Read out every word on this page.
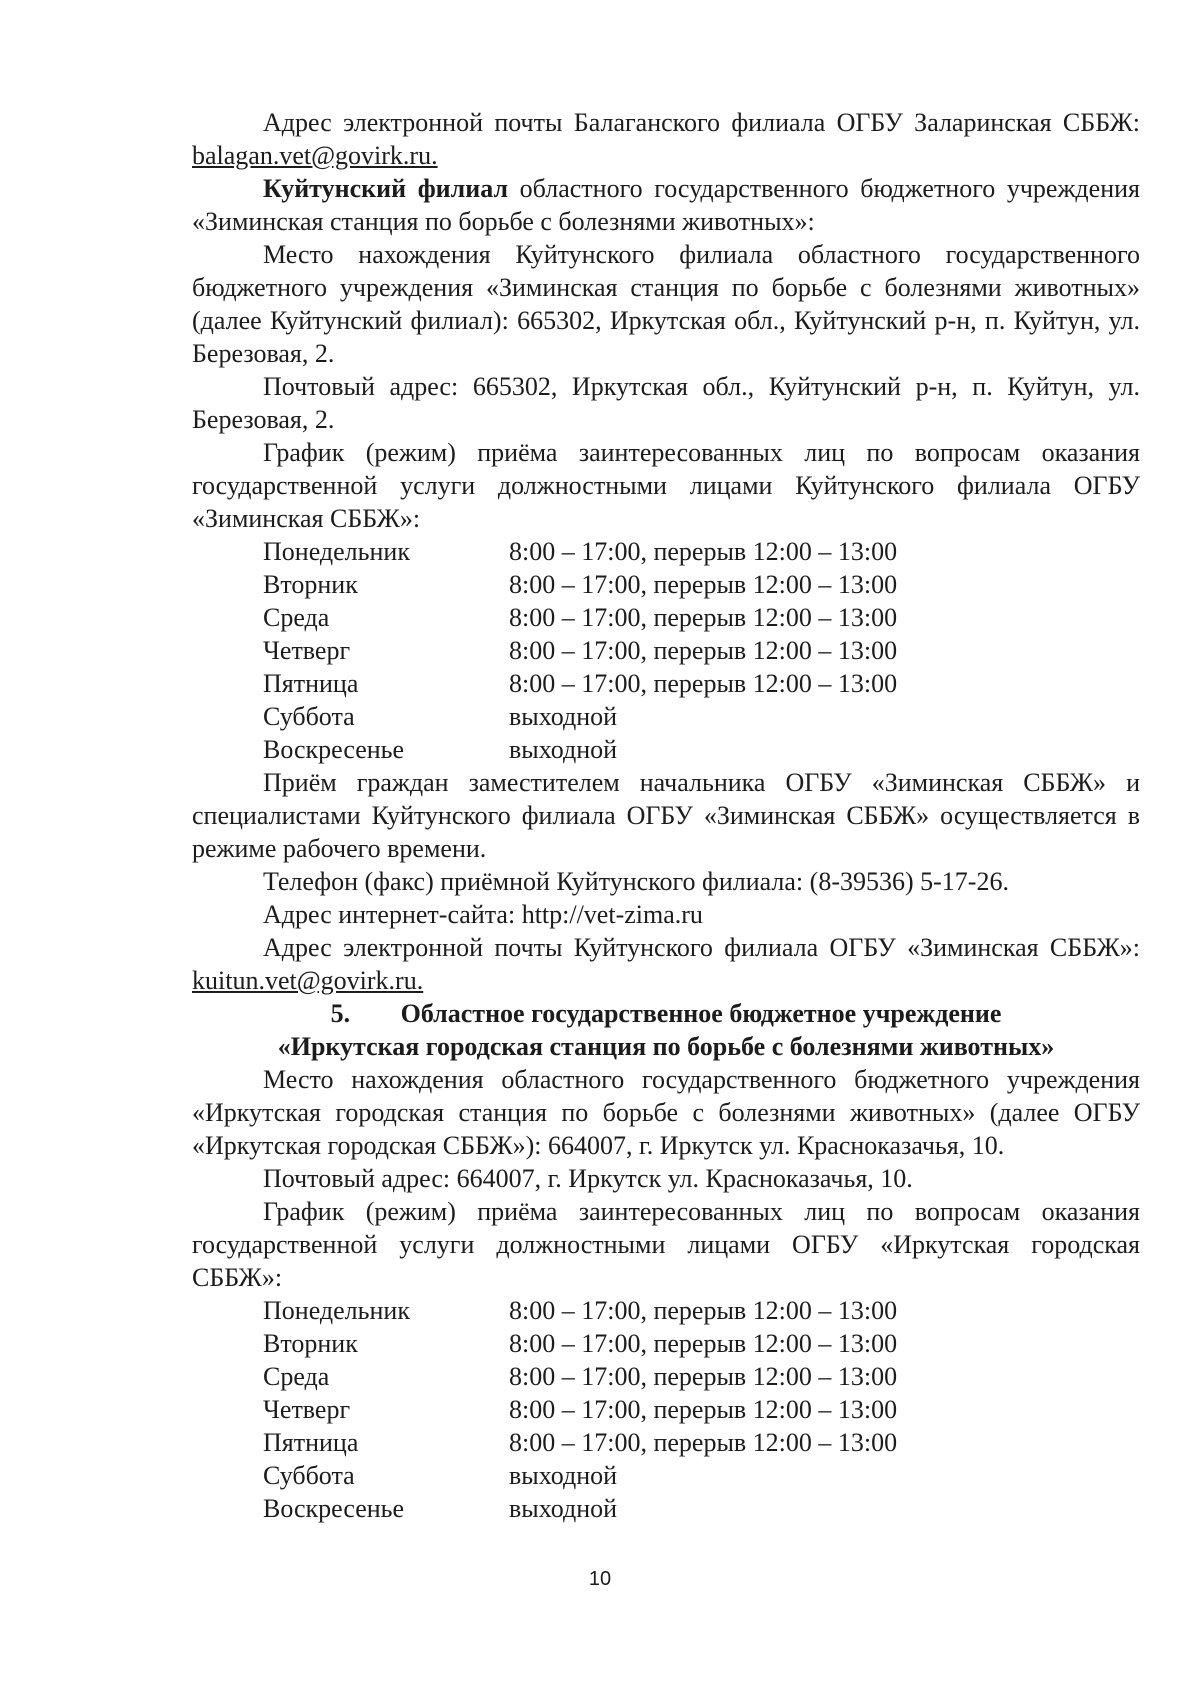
Адрес электронной почты Балаганского филиала ОГБУ Заларинская СББЖ: balagan.vet@govirk.ru.

Куйтунский филиал областного государственного бюджетного учреждения «Зиминская станция по борьбе с болезнями животных»:

Место нахождения Куйтунского филиала областного государственного бюджетного учреждения «Зиминская станция по борьбе с болезнями животных» (далее Куйтунский филиал): 665302, Иркутская обл., Куйтунский р-н, п. Куйтун, ул. Березовая, 2.

Почтовый адрес: 665302, Иркутская обл., Куйтунский р-н, п. Куйтун, ул. Березовая, 2.

График (режим) приёма заинтересованных лиц по вопросам оказания государственной услуги должностными лицами Куйтунского филиала ОГБУ «Зиминская СББЖ»:

Понедельник	8:00 – 17:00, перерыв 12:00 – 13:00
Вторник	8:00 – 17:00, перерыв 12:00 – 13:00
Среда	8:00 – 17:00, перерыв 12:00 – 13:00
Четверг	8:00 – 17:00, перерыв 12:00 – 13:00
Пятница	8:00 – 17:00, перерыв 12:00 – 13:00
Суббота	выходной
Воскресенье	выходной

Приём граждан заместителем начальника ОГБУ «Зиминская СББЖ» и специалистами Куйтунского филиала ОГБУ «Зиминская СББЖ» осуществляется в режиме рабочего времени.

Телефон (факс) приёмной Куйтунского филиала: (8-39536) 5-17-26.

Адрес интернет-сайта: http://vet-zima.ru

Адрес электронной почты Куйтунского филиала ОГБУ «Зиминская СББЖ»: kuitun.vet@govirk.ru.

5. Областное государственное бюджетное учреждение

«Иркутская городская станция по борьбе с болезнями животных»

Место нахождения областного государственного бюджетного учреждения «Иркутская городская станция по борьбе с болезнями животных» (далее ОГБУ «Иркутская городская СББЖ»): 664007, г. Иркутск ул. Красноказачья, 10.

Почтовый адрес: 664007, г. Иркутск ул. Красноказачья, 10.

График (режим) приёма заинтересованных лиц по вопросам оказания государственной услуги должностными лицами ОГБУ «Иркутская городская СББЖ»:

Понедельник	8:00 – 17:00, перерыв 12:00 – 13:00
Вторник	8:00 – 17:00, перерыв 12:00 – 13:00
Среда	8:00 – 17:00, перерыв 12:00 – 13:00
Четверг	8:00 – 17:00, перерыв 12:00 – 13:00
Пятница	8:00 – 17:00, перерыв 12:00 – 13:00
Суббота	выходной
Воскресенье	выходной
10
